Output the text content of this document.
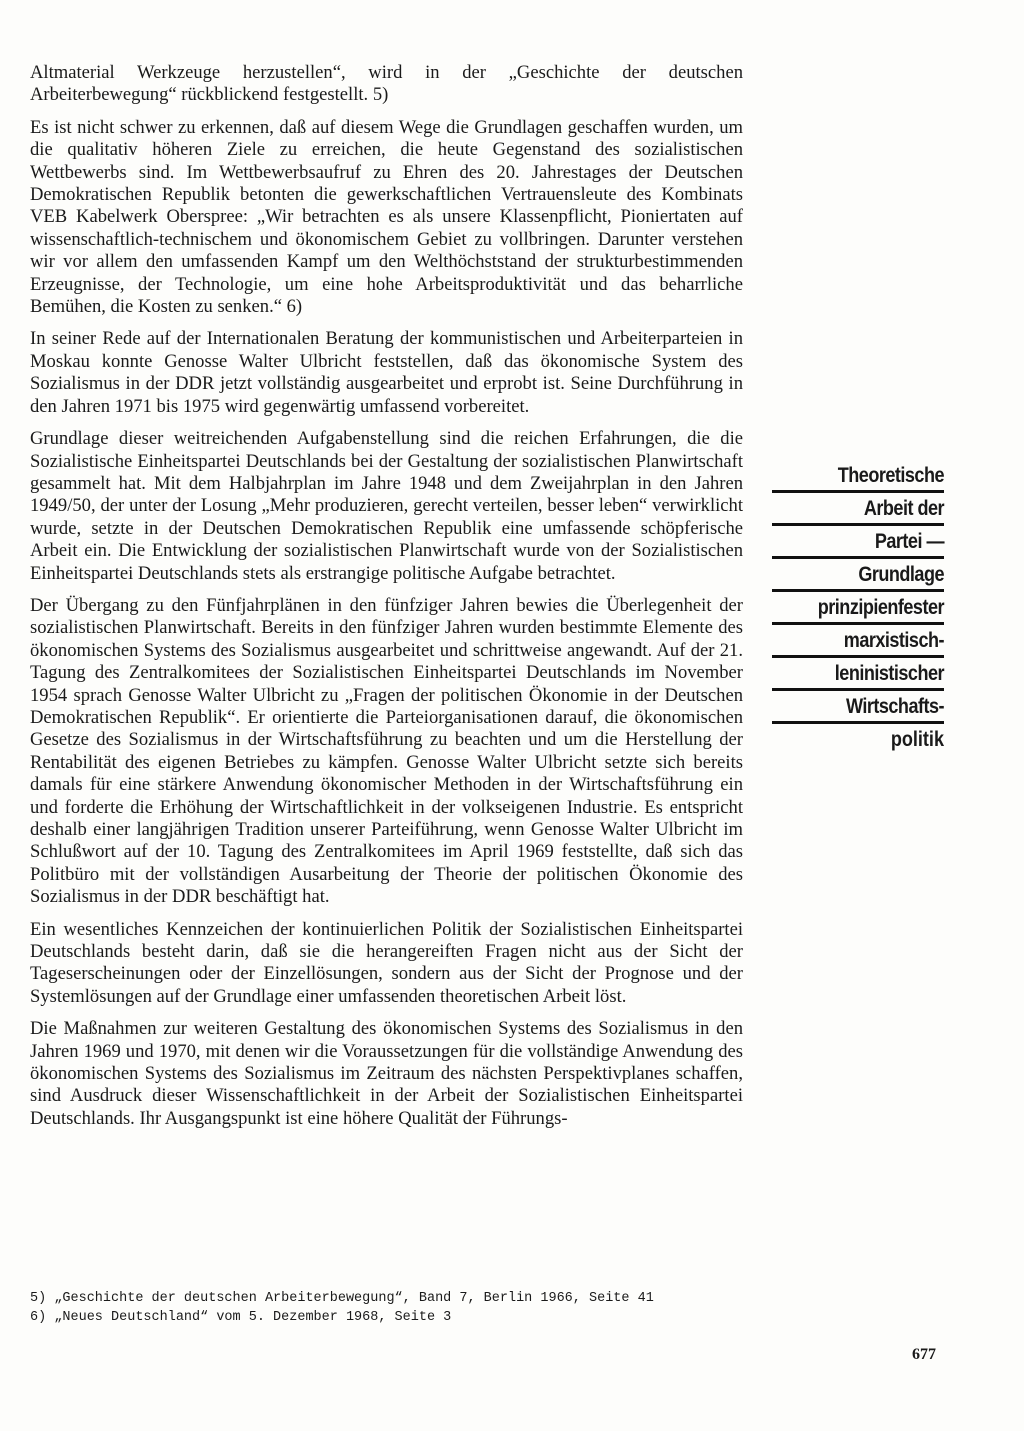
Altmaterial Werkzeuge herzustellen“, wird in der „Geschichte der deutschen Arbeiterbewegung“ rückblickend festgestellt. 5)

Es ist nicht schwer zu erkennen, daß auf diesem Wege die Grundlagen geschaffen wurden, um die qualitativ höheren Ziele zu erreichen, die heute Gegenstand des sozialistischen Wettbewerbs sind. Im Wettbewerbsaufruf zu Ehren des 20. Jahrestages der Deutschen Demokratischen Republik betonten die gewerkschaftlichen Vertrauensleute des Kombinats VEB Kabelwerk Oberspree: „Wir betrachten es als unsere Klassenpflicht, Pioniertaten auf wissenschaftlich-technischem und ökonomischem Gebiet zu vollbringen. Darunter verstehen wir vor allem den umfassenden Kampf um den Welthöchststand der strukturbestimmenden Erzeugnisse, der Technologie, um eine hohe Arbeitsproduktivität und das beharrliche Bemühen, die Kosten zu senken.“ 6)

In seiner Rede auf der Internationalen Beratung der kommunistischen und Arbeiterparteien in Moskau konnte Genosse Walter Ulbricht feststellen, daß das ökonomische System des Sozialismus in der DDR jetzt vollständig ausgearbeitet und erprobt ist. Seine Durchführung in den Jahren 1971 bis 1975 wird gegenwärtig umfassend vorbereitet.

Grundlage dieser weitreichenden Aufgabenstellung sind die reichen Erfahrungen, die die Sozialistische Einheitspartei Deutschlands bei der Gestaltung der sozialistischen Planwirtschaft gesammelt hat. Mit dem Halbjahrplan im Jahre 1948 und dem Zweijahrplan in den Jahren 1949/50, der unter der Losung „Mehr produzieren, gerecht verteilen, besser leben“ verwirklicht wurde, setzte in der Deutschen Demokratischen Republik eine umfassende schöpferische Arbeit ein. Die Entwicklung der sozialistischen Planwirtschaft wurde von der Sozialistischen Einheitspartei Deutschlands stets als erstrangige politische Aufgabe betrachtet.

Der Übergang zu den Fünfjahrplänen in den fünfziger Jahren bewies die Überlegenheit der sozialistischen Planwirtschaft. Bereits in den fünfziger Jahren wurden bestimmte Elemente des ökonomischen Systems des Sozialismus ausgearbeitet und schrittweise angewandt. Auf der 21. Tagung des Zentralkomitees der Sozialistischen Einheitspartei Deutschlands im November 1954 sprach Genosse Walter Ulbricht zu „Fragen der politischen Ökonomie in der Deutschen Demokratischen Republik“. Er orientierte die Parteiorganisationen darauf, die ökonomischen Gesetze des Sozialismus in der Wirtschaftsführung zu beachten und um die Herstellung der Rentabilität des eigenen Betriebes zu kämpfen. Genosse Walter Ulbricht setzte sich bereits damals für eine stärkere Anwendung ökonomischer Methoden in der Wirtschaftsführung ein und forderte die Erhöhung der Wirtschaftlichkeit in der volkseigenen Industrie. Es entspricht deshalb einer langjährigen Tradition unserer Parteiführung, wenn Genosse Walter Ulbricht im Schlußwort auf der 10. Tagung des Zentralkomitees im April 1969 feststellte, daß sich das Politbüro mit der vollständigen Ausarbeitung der Theorie der politischen Ökonomie des Sozialismus in der DDR beschäftigt hat.

Ein wesentliches Kennzeichen der kontinuierlichen Politik der Sozialistischen Einheitspartei Deutschlands besteht darin, daß sie die herangereiften Fragen nicht aus der Sicht der Tageserscheinungen oder der Einzellösungen, sondern aus der Sicht der Prognose und der Systemlösungen auf der Grundlage einer umfassenden theoretischen Arbeit löst.

Die Maßnahmen zur weiteren Gestaltung des ökonomischen Systems des Sozialismus in den Jahren 1969 und 1970, mit denen wir die Voraussetzungen für die vollständige Anwendung des ökonomischen Systems des Sozialismus im Zeitraum des nächsten Perspektivplanes schaffen, sind Ausdruck dieser Wissenschaftlichkeit in der Arbeit der Sozialistischen Einheitspartei Deutschlands. Ihr Ausgangspunkt ist eine höhere Qualität der Führungs-

Theoretische
Arbeit der
Partei —
Grundlage
prinzipienfester
marxistisch-
leninistischer
Wirtschafts-
politik
5) „Geschichte der deutschen Arbeiterbewegung“, Band 7, Berlin 1966, Seite 41
6) „Neues Deutschland“ vom 5. Dezember 1968, Seite 3
677
